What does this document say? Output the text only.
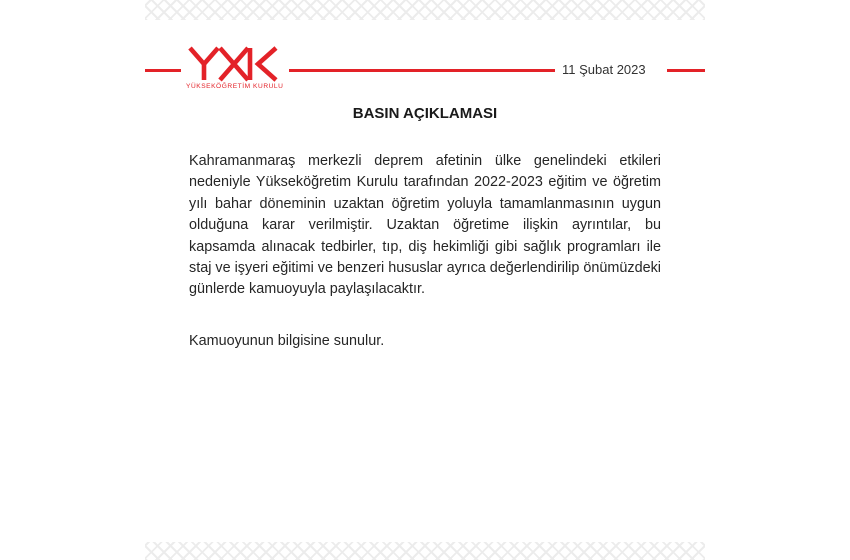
YÜKSEKÖĞRETİM KURULU
11 Şubat 2023
BASIN AÇIKLAMASI

Kahramanmaraş merkezli deprem afetinin ülke genelindeki etkileri nedeniyle Yükseköğretim Kurulu tarafından 2022-2023 eğitim ve öğretim yılı bahar döneminin uzaktan öğretim yoluyla tamamlanmasının uygun olduğuna karar verilmiştir. Uzaktan öğretime ilişkin ayrıntılar, bu kapsamda alınacak tedbirler, tıp, diş hekimliği gibi sağlık programları ile staj ve işyeri eğitimi ve benzeri hususlar ayrıca değerlendirilip önümüzdeki günlerde kamuoyuyla paylaşılacaktır.

Kamuoyunun bilgisine sunulur.
